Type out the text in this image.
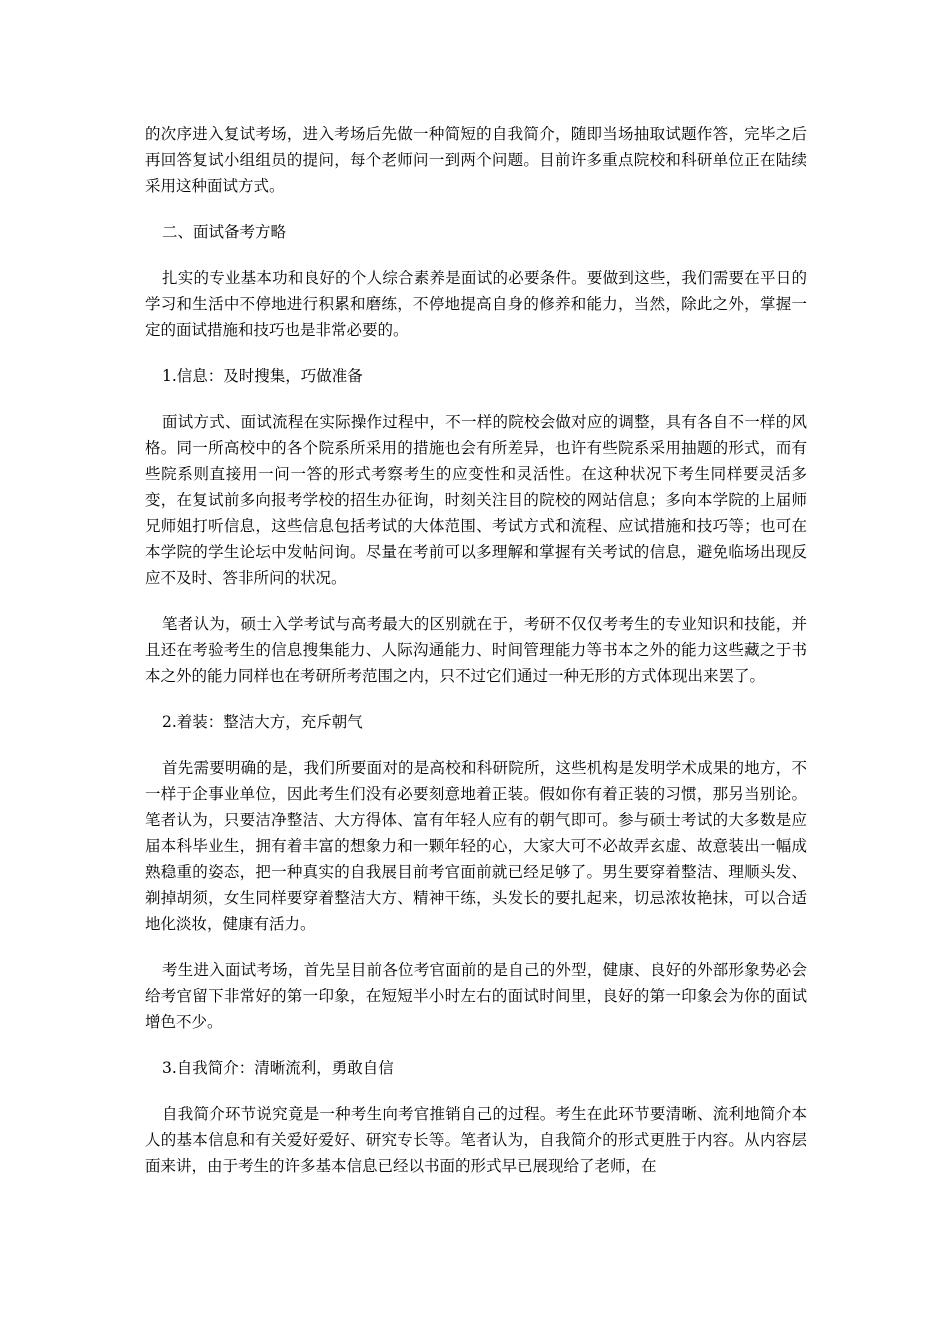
的次序进入复试考场，进入考场后先做一种简短的自我简介，随即当场抽取试题作答，完毕之后再回答复试小组组员的提问，每个老师问一到两个问题。目前许多重点院校和科研单位正在陆续采用这种面试方式。

二、面试备考方略

扎实的专业基本功和良好的个人综合素养是面试的必要条件。要做到这些，我们需要在平日的学习和生活中不停地进行积累和磨练，不停地提高自身的修养和能力，当然，除此之外，掌握一定的面试措施和技巧也是非常必要的。

1.信息：及时搜集，巧做准备

面试方式、面试流程在实际操作过程中，不一样的院校会做对应的调整，具有各自不一样的风格。同一所高校中的各个院系所采用的措施也会有所差异，也许有些院系采用抽题的形式，而有些院系则直接用一问一答的形式考察考生的应变性和灵活性。在这种状况下考生同样要灵活多变，在复试前多向报考学校的招生办征询，时刻关注目的院校的网站信息；多向本学院的上届师兄师姐打听信息，这些信息包括考试的大体范围、考试方式和流程、应试措施和技巧等；也可在本学院的学生论坛中发帖问询。尽量在考前可以多理解和掌握有关考试的信息，避免临场出现反应不及时、答非所问的状况。

笔者认为，硕士入学考试与高考最大的区别就在于，考研不仅仅考考生的专业知识和技能，并且还在考验考生的信息搜集能力、人际沟通能力、时间管理能力等书本之外的能力这些藏之于书本之外的能力同样也在考研所考范围之内，只不过它们通过一种无形的方式体现出来罢了。

2.着装：整洁大方，充斥朝气

首先需要明确的是，我们所要面对的是高校和科研院所，这些机构是发明学术成果的地方，不一样于企事业单位，因此考生们没有必要刻意地着正装。假如你有着正装的习惯，那另当别论。笔者认为，只要洁净整洁、大方得体、富有年轻人应有的朝气即可。参与硕士考试的大多数是应届本科毕业生，拥有着丰富的想象力和一颗年轻的心，大家大可不必故弄玄虚、故意装出一幅成熟稳重的姿态，把一种真实的自我展目前考官面前就已经足够了。男生要穿着整洁、理顺头发、剃掉胡须，女生同样要穿着整洁大方、精神干练，头发长的要扎起来，切忌浓妆艳抹，可以合适地化淡妆，健康有活力。

考生进入面试考场，首先呈目前各位考官面前的是自己的外型，健康、良好的外部形象势必会给考官留下非常好的第一印象，在短短半小时左右的面试时间里，良好的第一印象会为你的面试增色不少。

3.自我简介：清晰流利，勇敢自信

自我简介环节说究竟是一种考生向考官推销自己的过程。考生在此环节要清晰、流利地简介本人的基本信息和有关爱好爱好、研究专长等。笔者认为，自我简介的形式更胜于内容。从内容层面来讲，由于考生的许多基本信息已经以书面的形式早已展现给了老师，在
